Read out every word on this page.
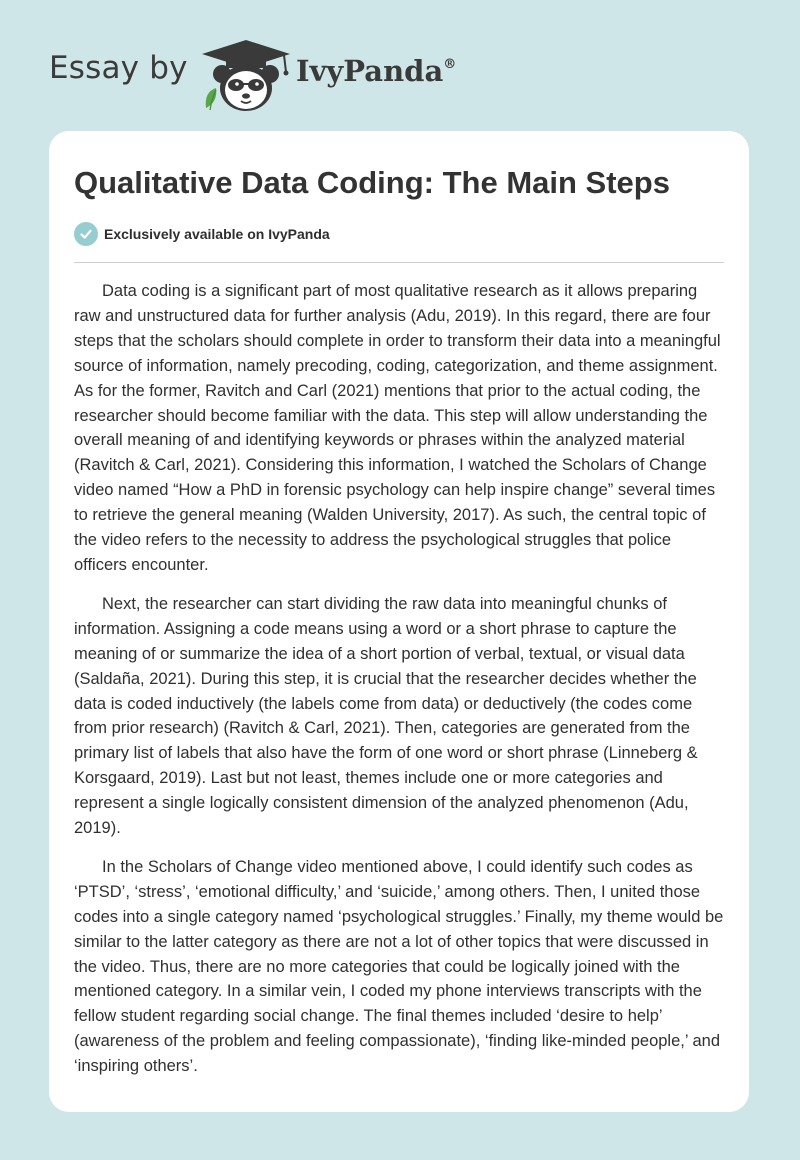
Essay by	IvyPanda®
Qualitative Data Coding: The Main Steps
Exclusively available on IvyPanda

Data coding is a significant part of most qualitative research as it allows preparing raw and unstructured data for further analysis (Adu, 2019). In this regard, there are four steps that the scholars should complete in order to transform their data into a meaningful source of information, namely precoding, coding, categorization, and theme assignment. As for the former, Ravitch and Carl (2021) mentions that prior to the actual coding, the researcher should become familiar with the data. This step will allow understanding the overall meaning of and identifying keywords or phrases within the analyzed material (Ravitch & Carl, 2021). Considering this information, I watched the Scholars of Change video named “How a PhD in forensic psychology can help inspire change” several times to retrieve the general meaning (Walden University, 2017). As such, the central topic of the video refers to the necessity to address the psychological struggles that police officers encounter.

Next, the researcher can start dividing the raw data into meaningful chunks of information. Assigning a code means using a word or a short phrase to capture the meaning of or summarize the idea of a short portion of verbal, textual, or visual data (Saldaña, 2021). During this step, it is crucial that the researcher decides whether the data is coded inductively (the labels come from data) or deductively (the codes come from prior research) (Ravitch & Carl, 2021). Then, categories are generated from the primary list of labels that also have the form of one word or short phrase (Linneberg & Korsgaard, 2019). Last but not least, themes include one or more categories and represent a single logically consistent dimension of the analyzed phenomenon (Adu, 2019).

In the Scholars of Change video mentioned above, I could identify such codes as ‘PTSD’, ‘stress’, ‘emotional difficulty,’ and ‘suicide,’ among others. Then, I united those codes into a single category named ‘psychological struggles.’ Finally, my theme would be similar to the latter category as there are not a lot of other topics that were discussed in the video. Thus, there are no more categories that could be logically joined with the mentioned category. In a similar vein, I coded my phone interviews transcripts with the fellow student regarding social change. The final themes included ‘desire to help’ (awareness of the problem and feeling compassionate), ‘finding like-minded people,’ and ‘inspiring others’.
